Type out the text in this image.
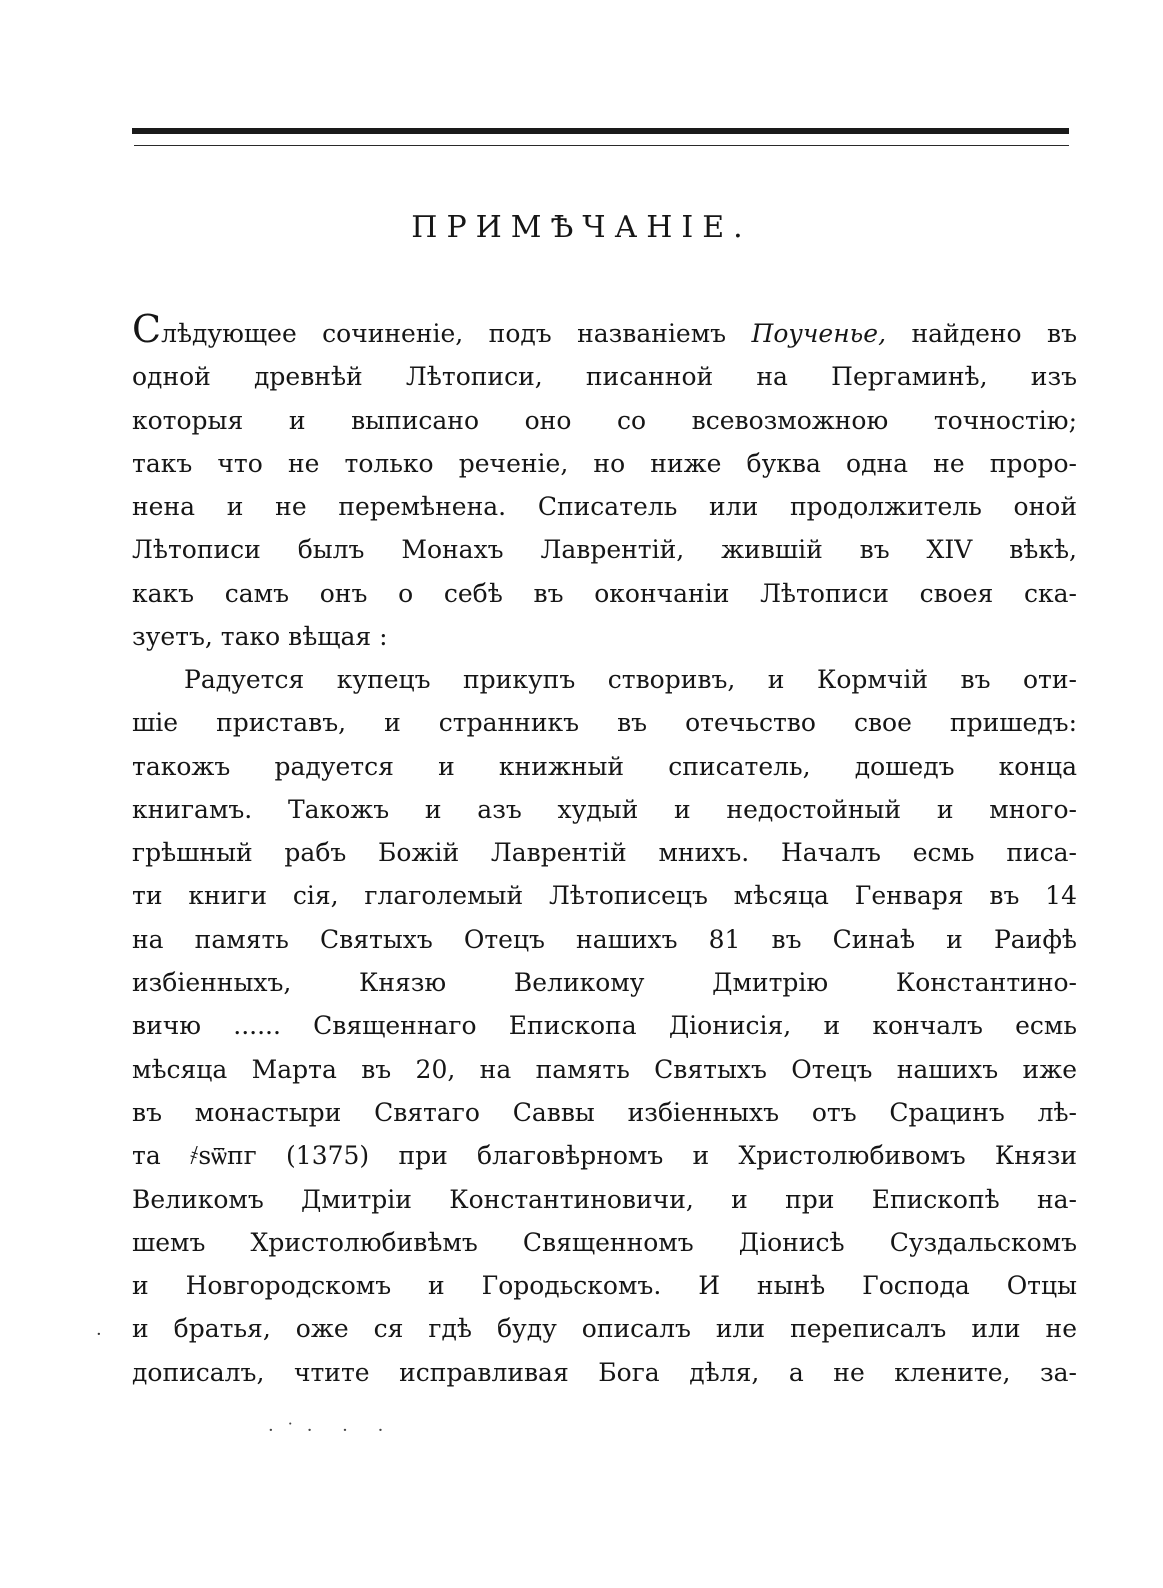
ПРИМѢЧАНІЕ.
Слѣдующее сочиненіе, подъ названіемъ Поученье, найдено въ
одной древнѣй Лѣтописи, писанной на Пергаминѣ, изъ
которыя и выписано оно со всевозможною точностію;
такъ что не только реченіе, но ниже буква одна не проро-
нена и не перемѣнена. Списатель или продолжитель оной
Лѣтописи былъ Монахъ Лаврентій, жившій въ XIV вѣкѣ,
какъ самъ онъ о себѣ въ окончаніи Лѣтописи своея ска-
зуетъ, тако вѣщая :
Радуется купецъ прикупъ створивъ, и Кормчій въ оти-
шіе приставъ, и странникъ въ отечьство свое пришедъ:
такожъ радуется и книжный списатель, дошедъ конца
книгамъ. Такожъ и азъ худый и недостойный и много-
грѣшный рабъ Божій Лаврентій мнихъ. Началъ есмь писа-
ти книги сія, глаголемый Лѣтописецъ мѣсяца Генваря въ 14
на память Святыхъ Отецъ нашихъ 81 въ Синаѣ и Раифѣ
избіенныхъ, Князю Великому Дмитрію Константино-
вичю ...... Священнаго Епископа Діонисія, и кончалъ есмь
мѣсяца Марта въ 20, на память Святыхъ Отецъ нашихъ иже
въ монастыри Святаго Саввы избіенныхъ отъ Срацинъ лѣ-
та ҂ѕѿпг (1375) при благовѣрномъ и Христолюбивомъ Князи
Великомъ Дмитріи Константиновичи, и при Епископѣ на-
шемъ Христолюбивѣмъ Священномъ Діонисѣ Суздальскомъ
и Новгородскомъ и Городьскомъ. И нынѣ Господа Отцы
и братья, оже ся гдѣ буду описалъ или переписалъ или не
дописалъ, чтите исправливая Бога дѣля, а не клените, за-
·
·˙· · ·
